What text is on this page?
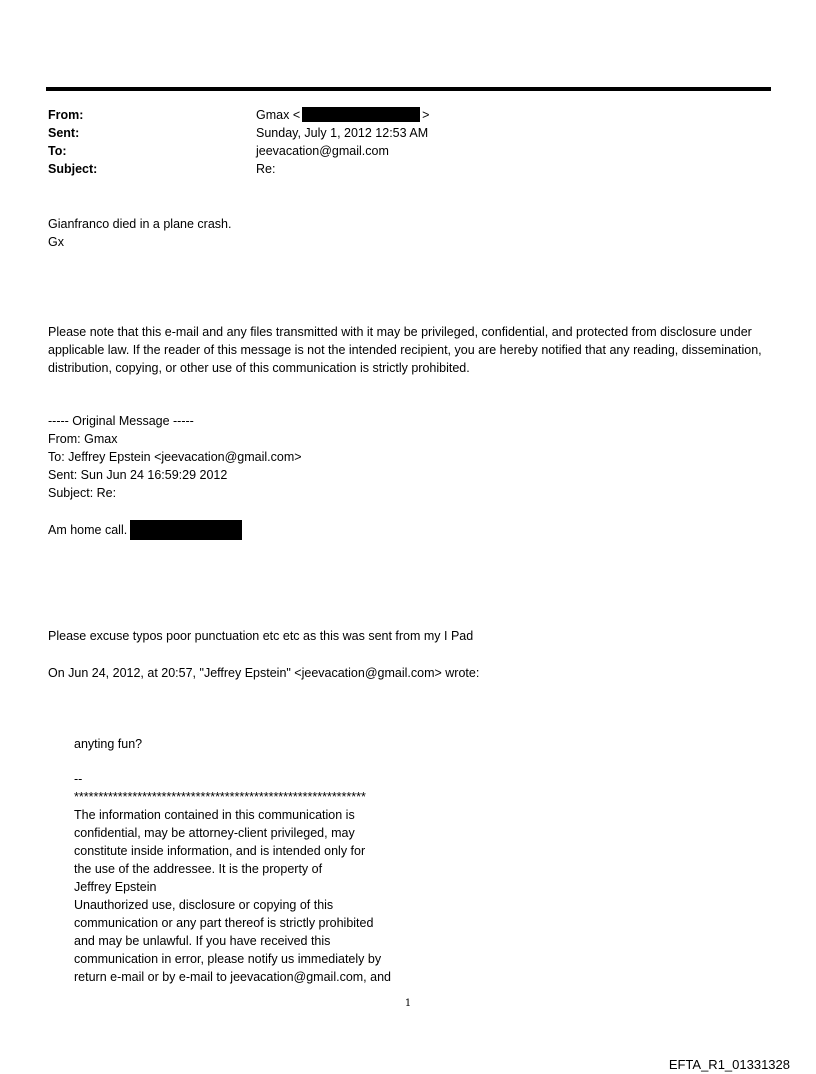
From:	Gmax <	>
Sent:	Sunday, July 1, 2012 12:53 AM
To:	jeevacation@gmail.com
Subject:	Re:

Gianfranco died in a plane crash.

Gx

Please note that this e-mail and any files transmitted with it may be privileged, confidential, and protected from disclosure under applicable law. If the reader of this message is not the intended recipient, you are hereby notified that any reading, dissemination, distribution, copying, or other use of this communication is strictly prohibited.

----- Original Message -----

From: Gmax

To: Jeffrey Epstein <jeevacation@gmail.com>

Sent: Sun Jun 24 16:59:29 2012

Subject: Re:

Am home call.

Please excuse typos poor punctuation etc etc as this was sent from my I Pad

On Jun 24, 2012, at 20:57, "Jeffrey Epstein" <jeevacation@gmail.com> wrote:

anyting fun?

--

************************************************************

The information contained in this communication is

confidential, may be attorney-client privileged, may

constitute inside information, and is intended only for

the use of the addressee. It is the property of

Jeffrey Epstein

Unauthorized use, disclosure or copying of this

communication or any part thereof is strictly prohibited

and may be unlawful. If you have received this

communication in error, please notify us immediately by

return e-mail or by e-mail to jeevacation@gmail.com, and

1
EFTA_R1_01331328
